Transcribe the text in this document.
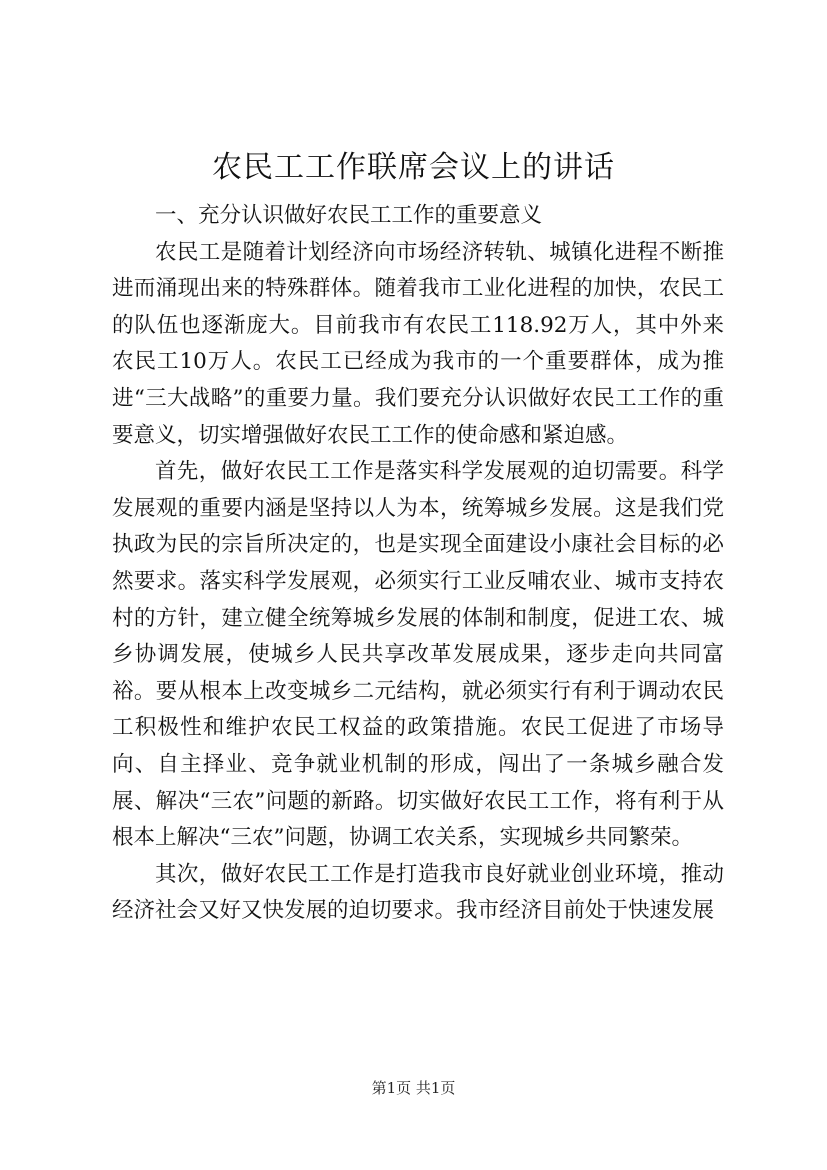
农民工工作联席会议上的讲话

一、充分认识做好农民工工作的重要意义

农民工是随着计划经济向市场经济转轨、城镇化进程不断推进而涌现出来的特殊群体。随着我市工业化进程的加快，农民工的队伍也逐渐庞大。目前我市有农民工118.92万人，其中外来农民工10万人。农民工已经成为我市的一个重要群体，成为推进“三大战略”的重要力量。我们要充分认识做好农民工工作的重要意义，切实增强做好农民工工作的使命感和紧迫感。

首先，做好农民工工作是落实科学发展观的迫切需要。科学发展观的重要内涵是坚持以人为本，统筹城乡发展。这是我们党执政为民的宗旨所决定的，也是实现全面建设小康社会目标的必然要求。落实科学发展观，必须实行工业反哺农业、城市支持农村的方针，建立健全统筹城乡发展的体制和制度，促进工农、城乡协调发展，使城乡人民共享改革发展成果，逐步走向共同富裕。要从根本上改变城乡二元结构，就必须实行有利于调动农民工积极性和维护农民工权益的政策措施。农民工促进了市场导向、自主择业、竞争就业机制的形成，闯出了一条城乡融合发展、解决“三农”问题的新路。切实做好农民工工作，将有利于从根本上解决“三农”问题，协调工农关系，实现城乡共同繁荣。

其次，做好农民工工作是打造我市良好就业创业环境，推动经济社会又好又快发展的迫切要求。我市经济目前处于快速发展

第1页 共1页
